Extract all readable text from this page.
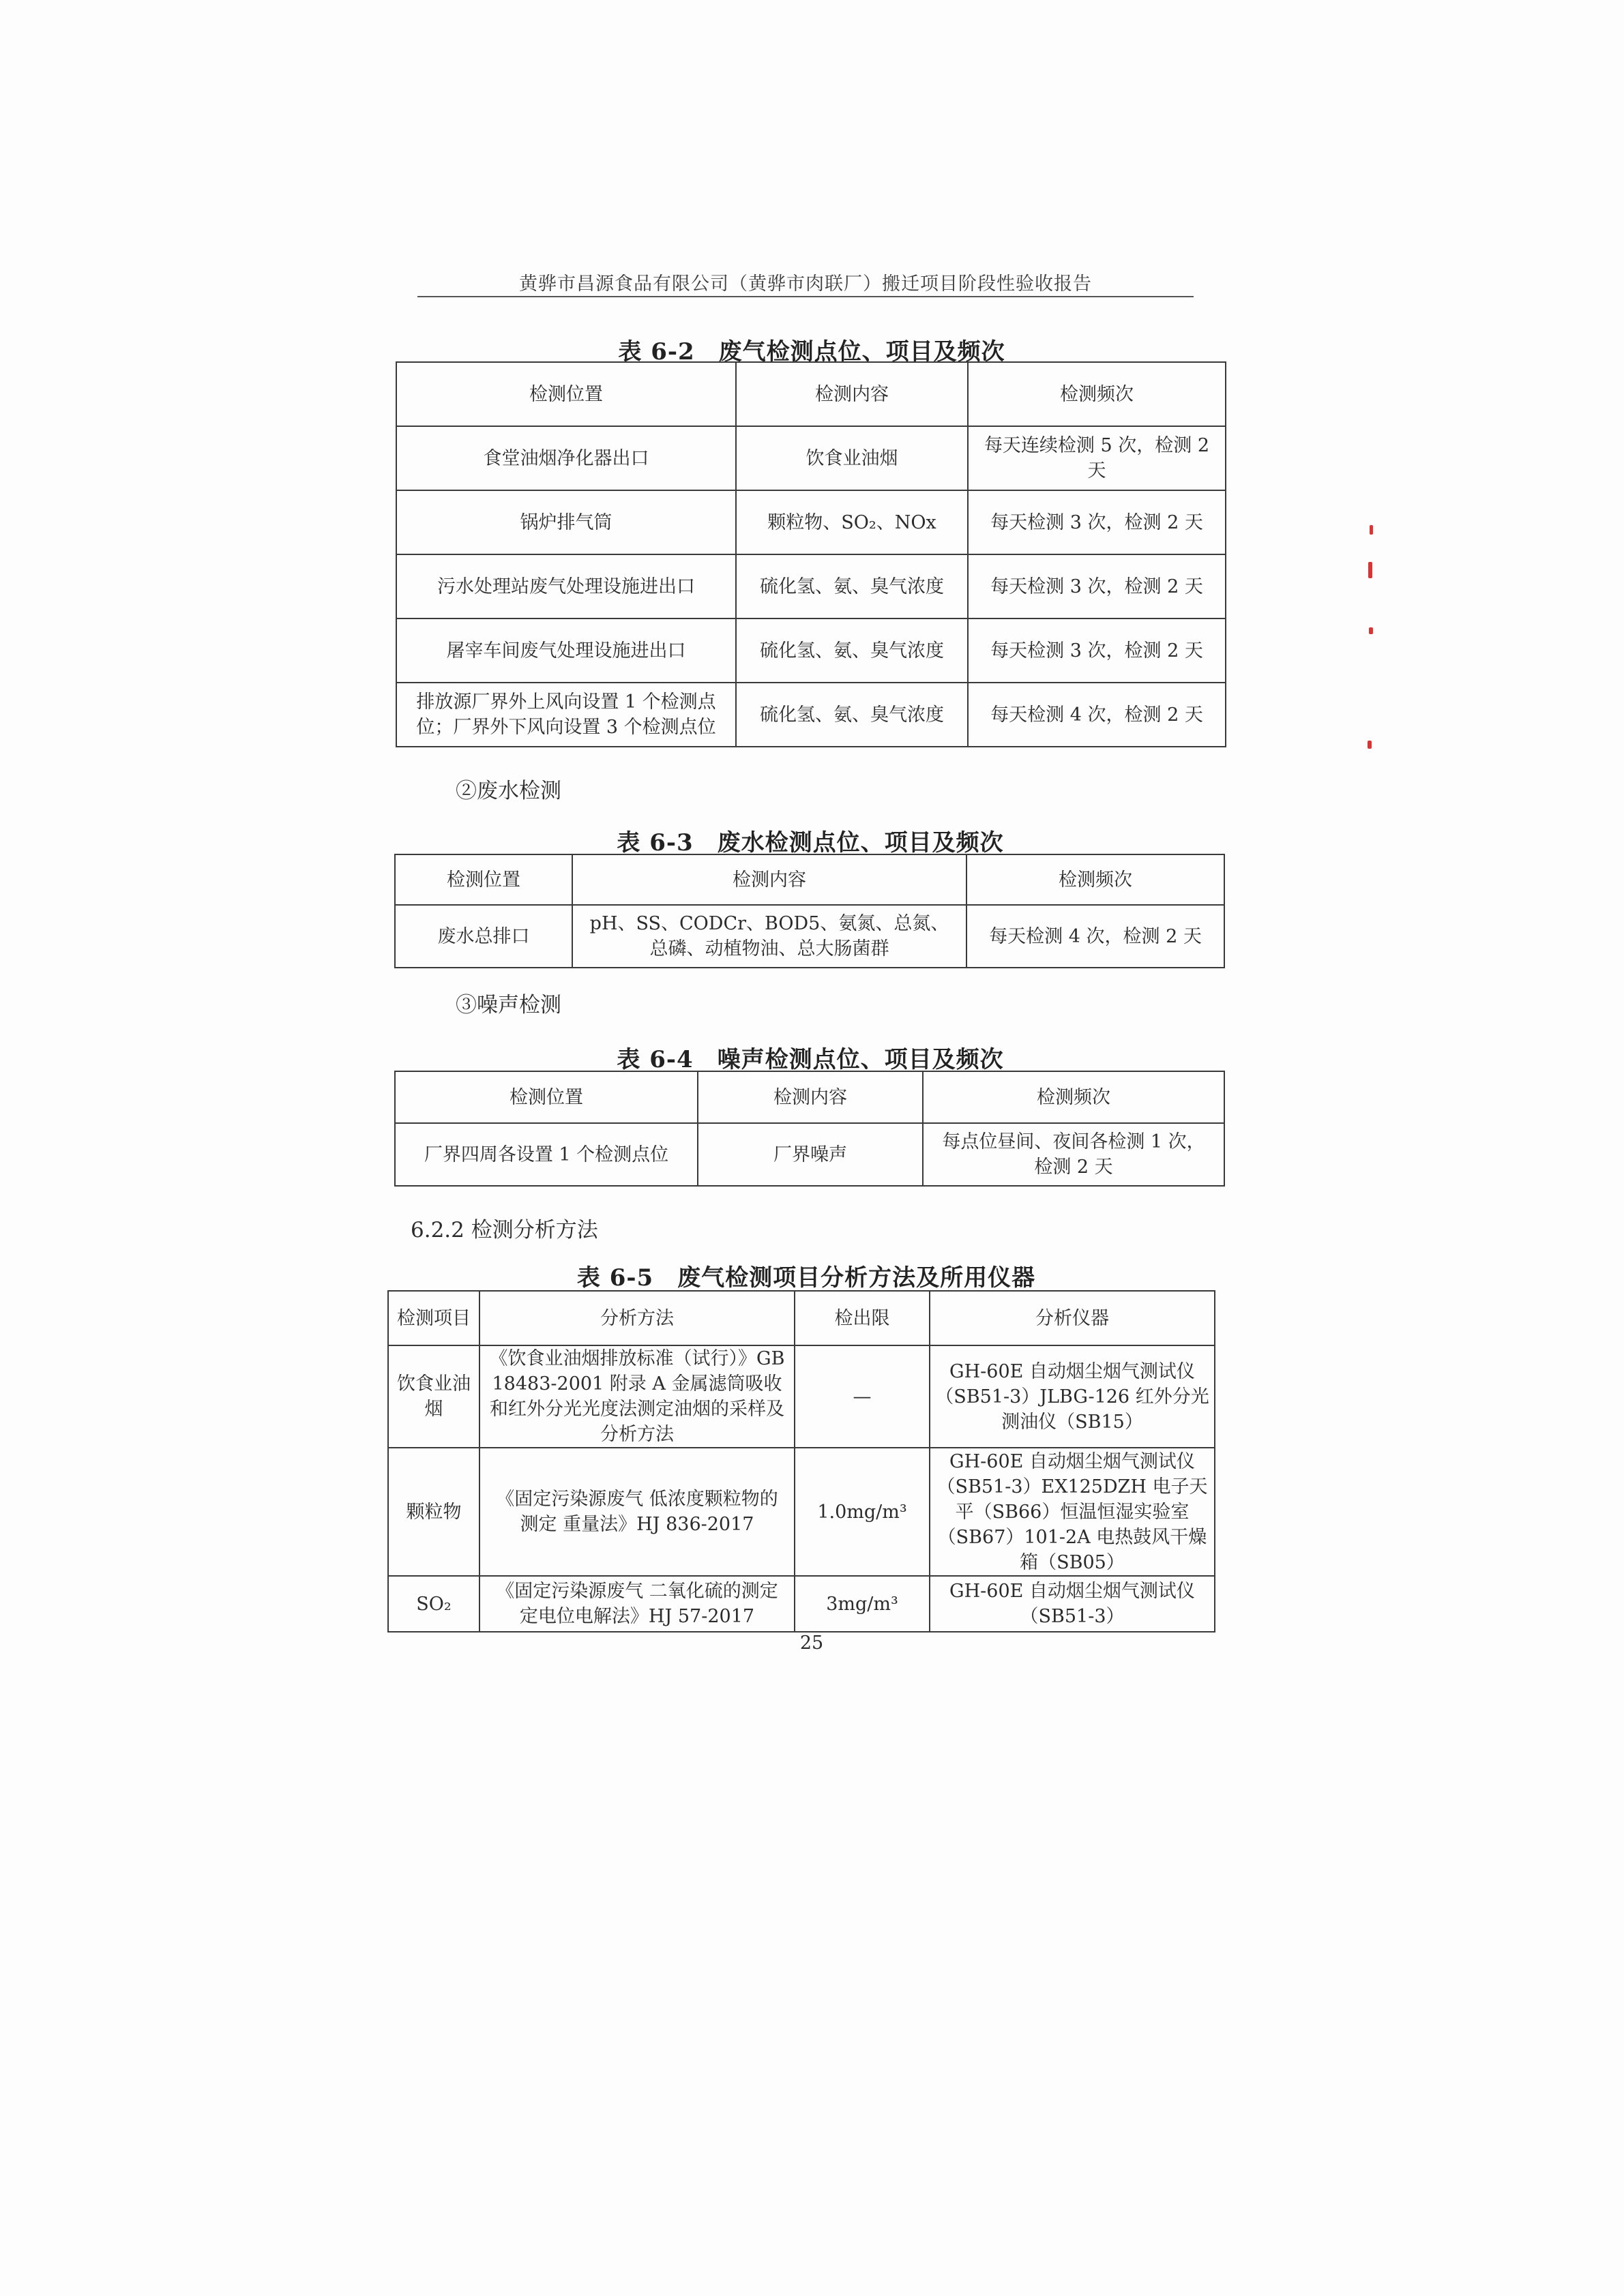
黄骅市昌源食品有限公司（黄骅市肉联厂）搬迁项目阶段性验收报告
表 6-2　废气检测点位、项目及频次
检测位置	检测内容	检测频次
食堂油烟净化器出口	饮食业油烟	每天连续检测 5 次，检测 2 天
锅炉排气筒	颗粒物、SO₂、NOx	每天检测 3 次，检测 2 天
污水处理站废气处理设施进出口	硫化氢、氨、臭气浓度	每天检测 3 次，检测 2 天
屠宰车间废气处理设施进出口	硫化氢、氨、臭气浓度	每天检测 3 次，检测 2 天
排放源厂界外上风向设置 1 个检测点位；厂界外下风向设置 3 个检测点位	硫化氢、氨、臭气浓度	每天检测 4 次，检测 2 天
②废水检测
表 6-3　废水检测点位、项目及频次
检测位置	检测内容	检测频次
废水总排口	pH、SS、CODCr、BOD5、氨氮、总氮、总磷、动植物油、总大肠菌群	每天检测 4 次，检测 2 天
③噪声检测
表 6-4　噪声检测点位、项目及频次
检测位置	检测内容	检测频次
厂界四周各设置 1 个检测点位	厂界噪声	每点位昼间、夜间各检测 1 次，检测 2 天
6.2.2 检测分析方法
表 6-5　废气检测项目分析方法及所用仪器
检测项目	分析方法	检出限	分析仪器
饮食业油烟	《饮食业油烟排放标准（试行）》GB 18483-2001 附录 A 金属滤筒吸收和红外分光光度法测定油烟的采样及分析方法	—	GH-60E 自动烟尘烟气测试仪（SB51-3）JLBG-126 红外分光测油仪（SB15）
颗粒物	《固定污染源废气 低浓度颗粒物的测定 重量法》HJ 836-2017	1.0mg/m³	GH-60E 自动烟尘烟气测试仪（SB51-3）EX125DZH 电子天平（SB66）恒温恒湿实验室（SB67）101-2A 电热鼓风干燥箱（SB05）
SO₂	《固定污染源废气 二氧化硫的测定 定电位电解法》HJ 57-2017	3mg/m³	GH-60E 自动烟尘烟气测试仪（SB51-3）
25
